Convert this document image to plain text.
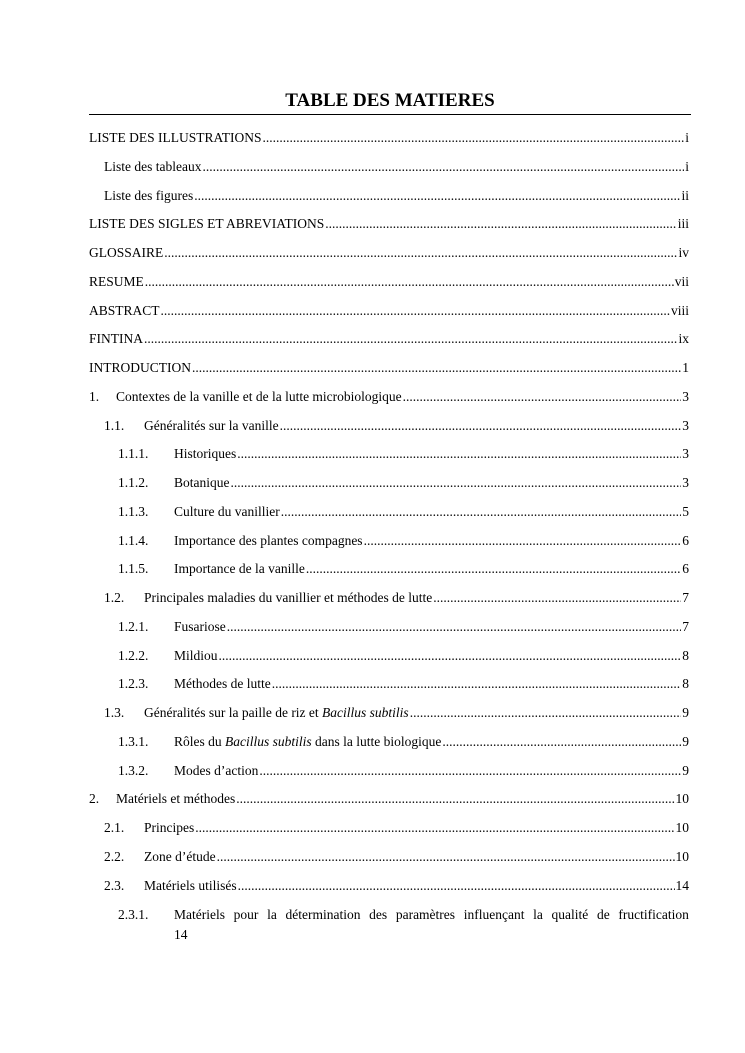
TABLE DES MATIERES
LISTE DES ILLUSTRATIONS .....	i
Liste des tableaux .....	i
Liste des figures .....	ii
LISTE DES SIGLES ET ABREVIATIONS .....	iii
GLOSSAIRE .....	iv
RESUME .....	vii
ABSTRACT .....	viii
FINTINA .....	ix
INTRODUCTION .....	1
1.	Contextes de la vanille et de la lutte microbiologique .....	3
1.1.	Généralités sur la vanille .....	3
1.1.1.	Historiques .....	3
1.1.2.	Botanique .....	3
1.1.3.	Culture du vanillier .....	5
1.1.4.	Importance des plantes compagnes .....	6
1.1.5.	Importance de la vanille .....	6
1.2.	Principales maladies du vanillier et méthodes de lutte .....	7
1.2.1.	Fusariose .....	7
1.2.2.	Mildiou .....	8
1.2.3.	Méthodes de lutte .....	8
1.3.	Généralités sur la paille de riz et Bacillus subtilis .....	9
1.3.1.	Rôles du Bacillus subtilis dans la lutte biologique .....	9
1.3.2.	Modes d’action .....	9
2.	Matériels et méthodes .....	10
2.1.	Principes .....	10
2.2.	Zone d’étude .....	10
2.3.	Matériels utilisés .....	14
2.3.1.	Matériels pour la détermination des paramètres influençant la qualité de fructification
14
